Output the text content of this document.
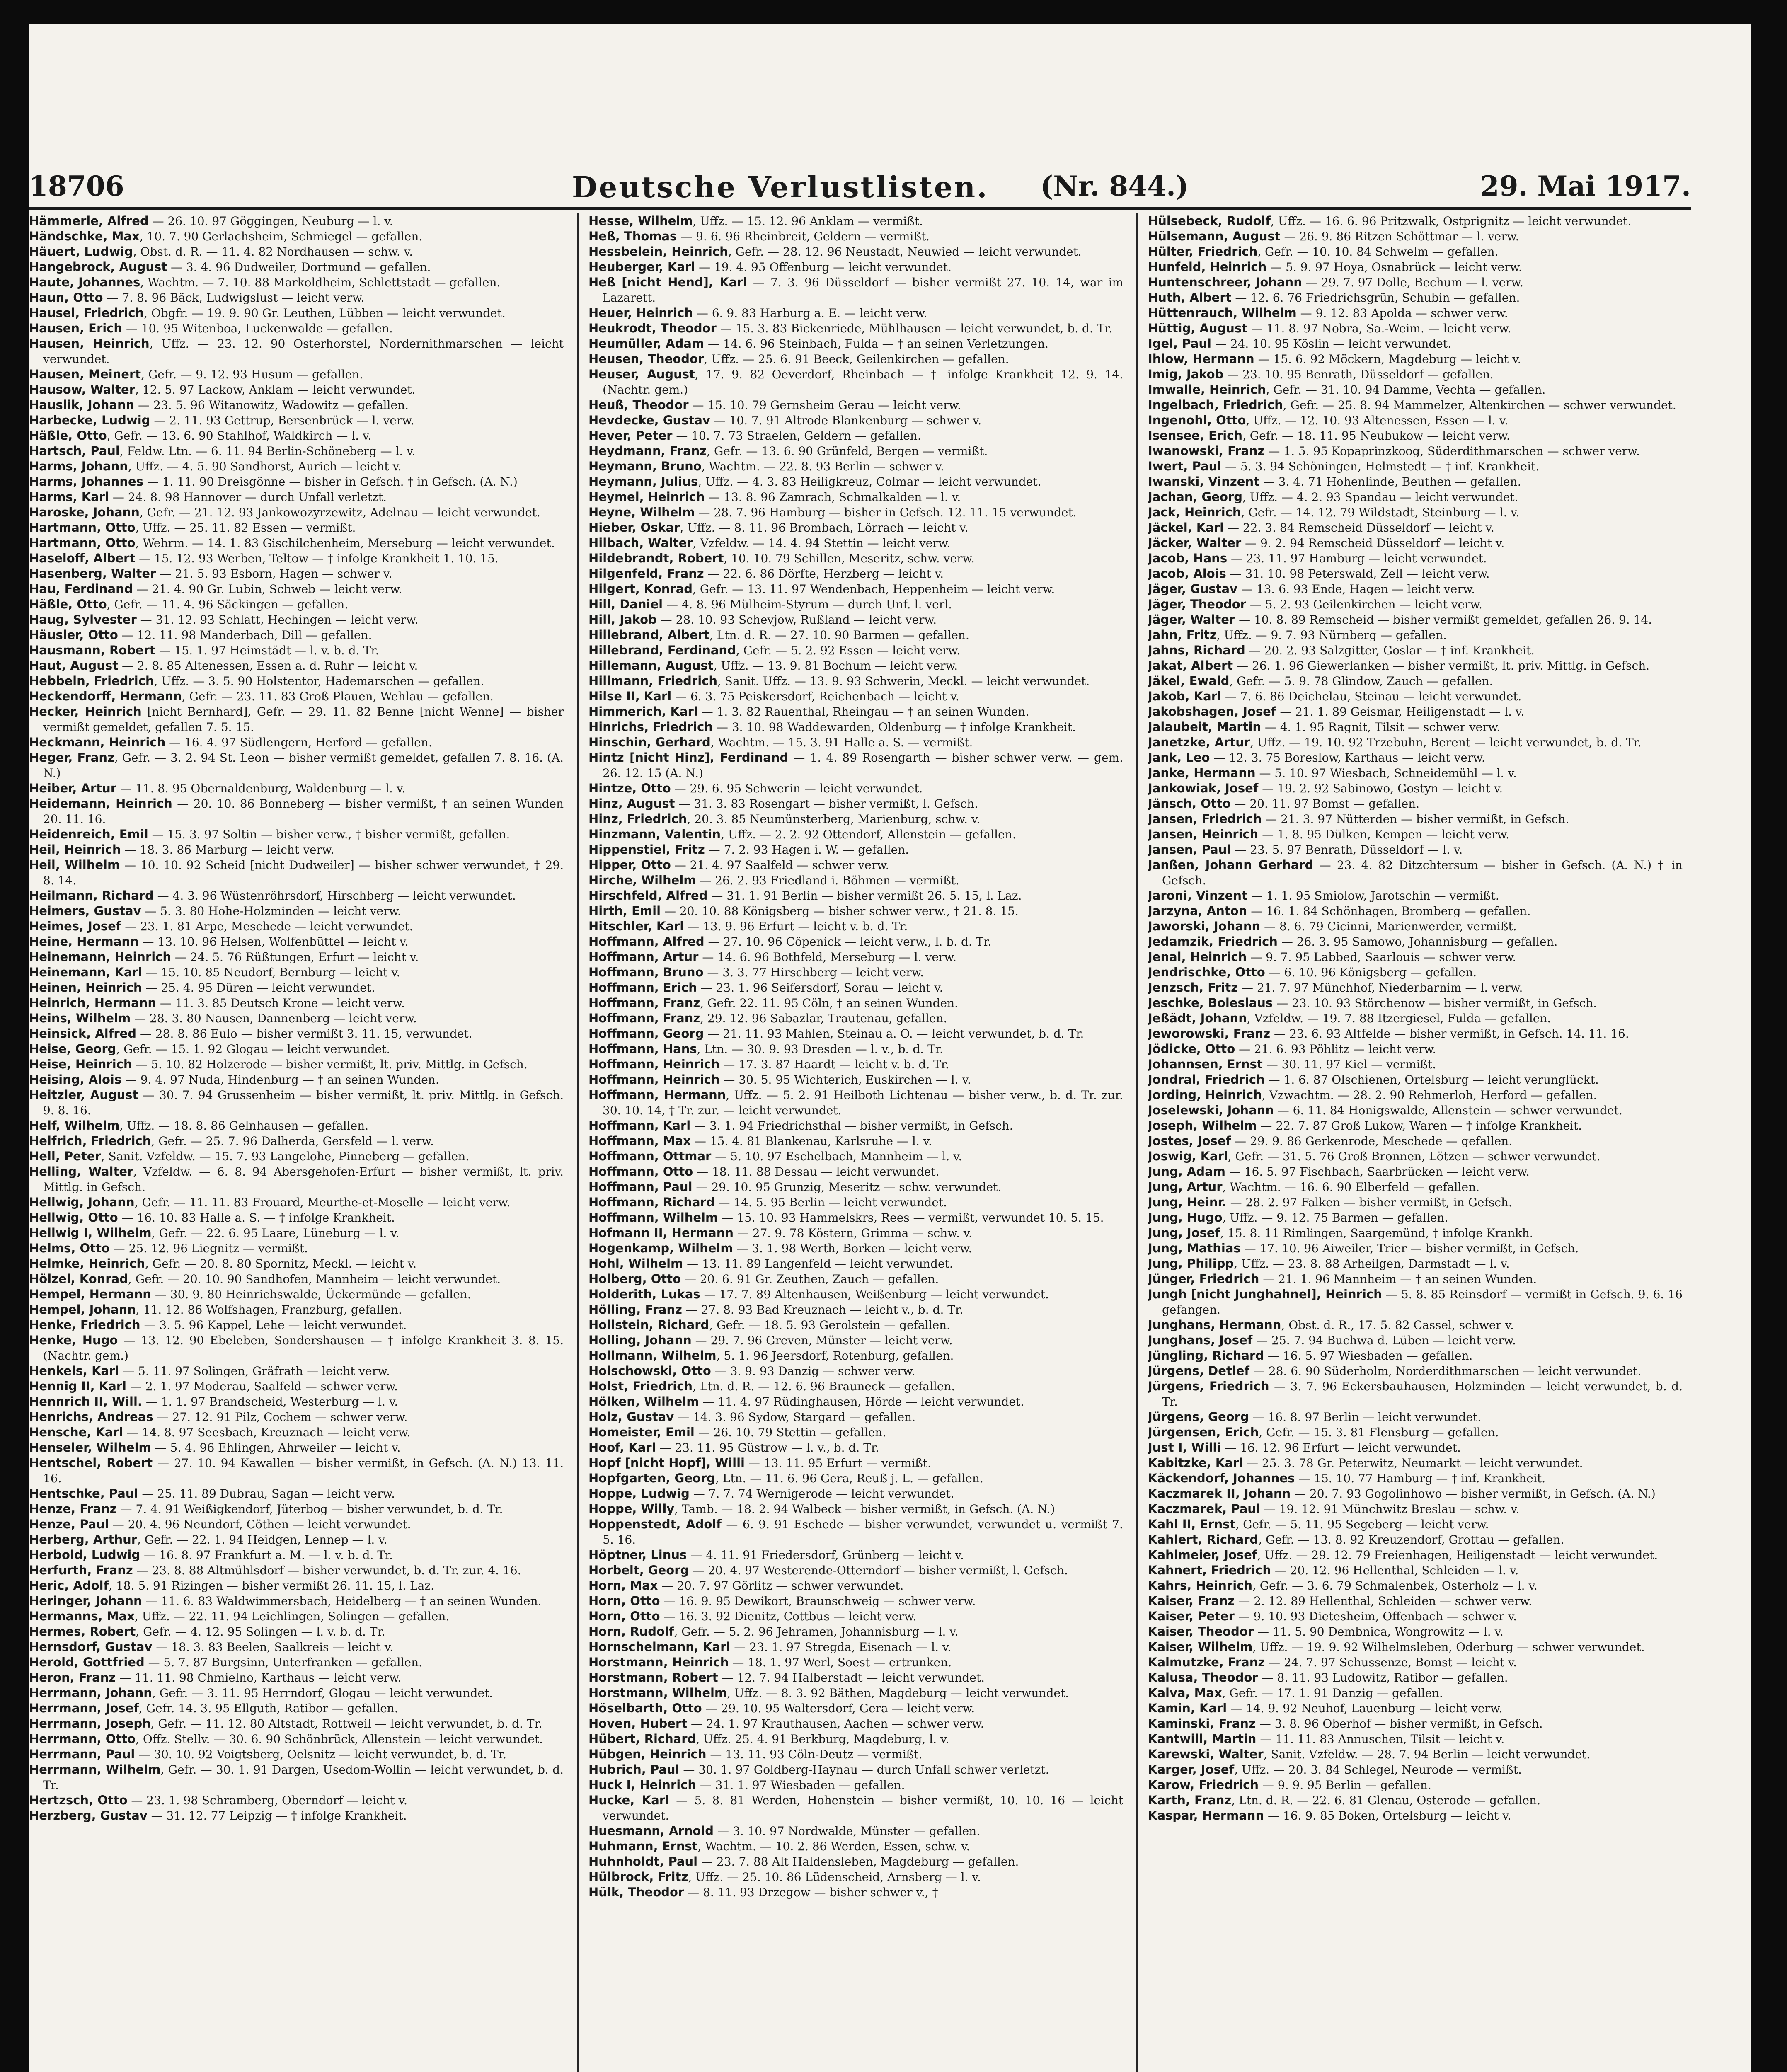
18706	Deutsche Verlustlisten. (Nr. 844.)	29. Mai 1917.

Hämmerle, Alfred — 26. 10. 97 Göggingen, Neuburg — l. v.

Händschke, Max, 10. 7. 90 Gerlachsheim, Schmiegel — gefallen.

Häuert, Ludwig, Obst. d. R. — 11. 4. 82 Nordhausen — schw. v.

Hangebrock, August — 3. 4. 96 Dudweiler, Dortmund — gefallen.

Haute, Johannes, Wachtm. — 7. 10. 88 Markoldheim, Schlettstadt — gefallen.

Haun, Otto — 7. 8. 96 Bäck, Ludwigslust — leicht verw.

Hausel, Friedrich, Obgfr. — 19. 9. 90 Gr. Leuthen, Lübben — leicht verwundet.

Hausen, Erich — 10. 95 Witenboa, Luckenwalde — gefallen.

Hausen, Heinrich, Uffz. — 23. 12. 90 Osterhorstel, Nordernithmarschen — leicht verwundet.

Hausen, Meinert, Gefr. — 9. 12. 93 Husum — gefallen.

Hausow, Walter, 12. 5. 97 Lackow, Anklam — leicht verwundet.

Hauslik, Johann — 23. 5. 96 Witanowitz, Wadowitz — gefallen.

Harbecke, Ludwig — 2. 11. 93 Gettrup, Bersenbrück — l. verw.

Häßle, Otto, Gefr. — 13. 6. 90 Stahlhof, Waldkirch — l. v.

Hartsch, Paul, Feldw. Ltn. — 6. 11. 94 Berlin-Schöneberg — l. v.

Harms, Johann, Uffz. — 4. 5. 90 Sandhorst, Aurich — leicht v.

Harms, Johannes — 1. 11. 90 Dreisgönne — bisher in Gefsch. † in Gefsch. (A. N.)

Harms, Karl — 24. 8. 98 Hannover — durch Unfall verletzt.

Haroske, Johann, Gefr. — 21. 12. 93 Jankowozyrzewitz, Adelnau — leicht verwundet.

Hartmann, Otto, Uffz. — 25. 11. 82 Essen — vermißt.

Hartmann, Otto, Wehrm. — 14. 1. 83 Gischilchenheim, Merseburg — leicht verwundet.

Haseloff, Albert — 15. 12. 93 Werben, Teltow — † infolge Krankheit 1. 10. 15.

Hasenberg, Walter — 21. 5. 93 Esborn, Hagen — schwer v.

Hau, Ferdinand — 21. 4. 90 Gr. Lubin, Schweb — leicht verw.

Häßle, Otto, Gefr. — 11. 4. 96 Säckingen — gefallen.

Haug, Sylvester — 31. 12. 93 Schlatt, Hechingen — leicht verw.

Häusler, Otto — 12. 11. 98 Manderbach, Dill — gefallen.

Hausmann, Robert — 15. 1. 97 Heimstädt — l. v. b. d. Tr.

Haut, August — 2. 8. 85 Altenessen, Essen a. d. Ruhr — leicht v.

Hebbeln, Friedrich, Uffz. — 3. 5. 90 Holstentor, Hademarschen — gefallen.

Heckendorff, Hermann, Gefr. — 23. 11. 83 Groß Plauen, Wehlau — gefallen.

Hecker, Heinrich [nicht Bernhard], Gefr. — 29. 11. 82 Benne [nicht Wenne] — bisher vermißt gemeldet, gefallen 7. 5. 15.

Heckmann, Heinrich — 16. 4. 97 Südlengern, Herford — gefallen.

Heger, Franz, Gefr. — 3. 2. 94 St. Leon — bisher vermißt gemeldet, gefallen 7. 8. 16. (A. N.)

Heiber, Artur — 11. 8. 95 Obernaldenburg, Waldenburg — l. v.

Heidemann, Heinrich — 20. 10. 86 Bonneberg — bisher vermißt, † an seinen Wunden 20. 11. 16.

Heidenreich, Emil — 15. 3. 97 Soltin — bisher verw., † bisher vermißt, gefallen.

Heil, Heinrich — 18. 3. 86 Marburg — leicht verw.

Heil, Wilhelm — 10. 10. 92 Scheid [nicht Dudweiler] — bisher schwer verwundet, † 29. 8. 14.

Heilmann, Richard — 4. 3. 96 Wüstenröhrsdorf, Hirschberg — leicht verwundet.

Heimers, Gustav — 5. 3. 80 Hohe-Holzminden — leicht verw.

Heimes, Josef — 23. 1. 81 Arpe, Meschede — leicht verwundet.

Heine, Hermann — 13. 10. 96 Helsen, Wolfenbüttel — leicht v.

Heinemann, Heinrich — 24. 5. 76 Rüßtungen, Erfurt — leicht v.

Heinemann, Karl — 15. 10. 85 Neudorf, Bernburg — leicht v.

Heinen, Heinrich — 25. 4. 95 Düren — leicht verwundet.

Heinrich, Hermann — 11. 3. 85 Deutsch Krone — leicht verw.

Heins, Wilhelm — 28. 3. 80 Nausen, Dannenberg — leicht verw.

Heinsick, Alfred — 28. 8. 86 Eulo — bisher vermißt 3. 11. 15, verwundet.

Heise, Georg, Gefr. — 15. 1. 92 Glogau — leicht verwundet.

Heise, Heinrich — 5. 10. 82 Holzerode — bisher vermißt, lt. priv. Mittlg. in Gefsch.

Heising, Alois — 9. 4. 97 Nuda, Hindenburg — † an seinen Wunden.

Heitzler, August — 30. 7. 94 Grussenheim — bisher vermißt, lt. priv. Mittlg. in Gefsch. 9. 8. 16.

Helf, Wilhelm, Uffz. — 18. 8. 86 Gelnhausen — gefallen.

Helfrich, Friedrich, Gefr. — 25. 7. 96 Dalherda, Gersfeld — l. verw.

Hell, Peter, Sanit. Vzfeldw. — 15. 7. 93 Langelohe, Pinneberg — gefallen.

Helling, Walter, Vzfeldw. — 6. 8. 94 Abersgehofen-Erfurt — bisher vermißt, lt. priv. Mittlg. in Gefsch.

Hellwig, Johann, Gefr. — 11. 11. 83 Frouard, Meurthe-et-Moselle — leicht verw.

Hellwig, Otto — 16. 10. 83 Halle a. S. — † infolge Krankheit.

Hellwig I, Wilhelm, Gefr. — 22. 6. 95 Laare, Lüneburg — l. v.

Helms, Otto — 25. 12. 96 Liegnitz — vermißt.

Helmke, Heinrich, Gefr. — 20. 8. 80 Spornitz, Meckl. — leicht v.

Hölzel, Konrad, Gefr. — 20. 10. 90 Sandhofen, Mannheim — leicht verwundet.

Hempel, Hermann — 30. 9. 80 Heinrichswalde, Ückermünde — gefallen.

Hempel, Johann, 11. 12. 86 Wolfshagen, Franzburg, gefallen.

Henke, Friedrich — 3. 5. 96 Kappel, Lehe — leicht verwundet.

Henke, Hugo — 13. 12. 90 Ebeleben, Sondershausen — † infolge Krankheit 3. 8. 15. (Nachtr. gem.)

Henkels, Karl — 5. 11. 97 Solingen, Gräfrath — leicht verw.

Hennig II, Karl — 2. 1. 97 Moderau, Saalfeld — schwer verw.

Hennrich II, Will. — 1. 1. 97 Brandscheid, Westerburg — l. v.

Henrichs, Andreas — 27. 12. 91 Pilz, Cochem — schwer verw.

Hensche, Karl — 14. 8. 97 Seesbach, Kreuznach — leicht verw.

Henseler, Wilhelm — 5. 4. 96 Ehlingen, Ahrweiler — leicht v.

Hentschel, Robert — 27. 10. 94 Kawallen — bisher vermißt, in Gefsch. (A. N.) 13. 11. 16.

Hentschke, Paul — 25. 11. 89 Dubrau, Sagan — leicht verw.

Henze, Franz — 7. 4. 91 Weißigkendorf, Jüterbog — bisher verwundet, b. d. Tr.

Henze, Paul — 20. 4. 96 Neundorf, Cöthen — leicht verwundet.

Herberg, Arthur, Gefr. — 22. 1. 94 Heidgen, Lennep — l. v.

Herbold, Ludwig — 16. 8. 97 Frankfurt a. M. — l. v. b. d. Tr.

Herfurth, Franz — 23. 8. 88 Altmühlsdorf — bisher verwundet, b. d. Tr. zur. 4. 16.

Heric, Adolf, 18. 5. 91 Rizingen — bisher vermißt 26. 11. 15, l. Laz.

Heringer, Johann — 11. 6. 83 Waldwimmersbach, Heidelberg — † an seinen Wunden.

Hermanns, Max, Uffz. — 22. 11. 94 Leichlingen, Solingen — gefallen.

Hermes, Robert, Gefr. — 4. 12. 95 Solingen — l. v. b. d. Tr.

Hernsdorf, Gustav — 18. 3. 83 Beelen, Saalkreis — leicht v.

Herold, Gottfried — 5. 7. 87 Burgsinn, Unterfranken — gefallen.

Heron, Franz — 11. 11. 98 Chmielno, Karthaus — leicht verw.

Herrmann, Johann, Gefr. — 3. 11. 95 Herrndorf, Glogau — leicht verwundet.

Herrmann, Josef, Gefr. 14. 3. 95 Ellguth, Ratibor — gefallen.

Herrmann, Joseph, Gefr. — 11. 12. 80 Altstadt, Rottweil — leicht verwundet, b. d. Tr.

Herrmann, Otto, Offz. Stellv. — 30. 6. 90 Schönbrück, Allenstein — leicht verwundet.

Herrmann, Paul — 30. 10. 92 Voigtsberg, Oelsnitz — leicht verwundet, b. d. Tr.

Herrmann, Wilhelm, Gefr. — 30. 1. 91 Dargen, Usedom-Wollin — leicht verwundet, b. d. Tr.

Hertzsch, Otto — 23. 1. 98 Schramberg, Oberndorf — leicht v.

Herzberg, Gustav — 31. 12. 77 Leipzig — † infolge Krankheit.

Hesse, Wilhelm, Uffz. — 15. 12. 96 Anklam — vermißt.

Heß, Thomas — 9. 6. 96 Rheinbreit, Geldern — vermißt.

Hessbelein, Heinrich, Gefr. — 28. 12. 96 Neustadt, Neuwied — leicht verwundet.

Heuberger, Karl — 19. 4. 95 Offenburg — leicht verwundet.

Heß [nicht Hend], Karl — 7. 3. 96 Düsseldorf — bisher vermißt 27. 10. 14, war im Lazarett.

Heuer, Heinrich — 6. 9. 83 Harburg a. E. — leicht verw.

Heukrodt, Theodor — 15. 3. 83 Bickenriede, Mühlhausen — leicht verwundet, b. d. Tr.

Heumüller, Adam — 14. 6. 96 Steinbach, Fulda — † an seinen Verletzungen.

Heusen, Theodor, Uffz. — 25. 6. 91 Beeck, Geilenkirchen — gefallen.

Heuser, August, 17. 9. 82 Oeverdorf, Rheinbach — † infolge Krankheit 12. 9. 14. (Nachtr. gem.)

Heuß, Theodor — 15. 10. 79 Gernsheim Gerau — leicht verw.

Hevdecke, Gustav — 10. 7. 91 Altrode Blankenburg — schwer v.

Hever, Peter — 10. 7. 73 Straelen, Geldern — gefallen.

Heydmann, Franz, Gefr. — 13. 6. 90 Grünfeld, Bergen — vermißt.

Heymann, Bruno, Wachtm. — 22. 8. 93 Berlin — schwer v.

Heymann, Julius, Uffz. — 4. 3. 83 Heiligkreuz, Colmar — leicht verwundet.

Heymel, Heinrich — 13. 8. 96 Zamrach, Schmalkalden — l. v.

Heyne, Wilhelm — 28. 7. 96 Hamburg — bisher in Gefsch. 12. 11. 15 verwundet.

Hieber, Oskar, Uffz. — 8. 11. 96 Brombach, Lörrach — leicht v.

Hilbach, Walter, Vzfeldw. — 14. 4. 94 Stettin — leicht verw.

Hildebrandt, Robert, 10. 10. 79 Schillen, Meseritz, schw. verw.

Hilgenfeld, Franz — 22. 6. 86 Dörfte, Herzberg — leicht v.

Hilgert, Konrad, Gefr. — 13. 11. 97 Wendenbach, Heppenheim — leicht verw.

Hill, Daniel — 4. 8. 96 Mülheim-Styrum — durch Unf. l. verl.

Hill, Jakob — 28. 10. 93 Schevjow, Rußland — leicht verw.

Hillebrand, Albert, Ltn. d. R. — 27. 10. 90 Barmen — gefallen.

Hillebrand, Ferdinand, Gefr. — 5. 2. 92 Essen — leicht verw.

Hillemann, August, Uffz. — 13. 9. 81 Bochum — leicht verw.

Hillmann, Friedrich, Sanit. Uffz. — 13. 9. 93 Schwerin, Meckl. — leicht verwundet.

Hilse II, Karl — 6. 3. 75 Peiskersdorf, Reichenbach — leicht v.

Himmerich, Karl — 1. 3. 82 Rauenthal, Rheingau — † an seinen Wunden.

Hinrichs, Friedrich — 3. 10. 98 Waddewarden, Oldenburg — † infolge Krankheit.

Hinschin, Gerhard, Wachtm. — 15. 3. 91 Halle a. S. — vermißt.

Hintz [nicht Hinz], Ferdinand — 1. 4. 89 Rosengarth — bisher schwer verw. — gem. 26. 12. 15 (A. N.)

Hintze, Otto — 29. 6. 95 Schwerin — leicht verwundet.

Hinz, August — 31. 3. 83 Rosengart — bisher vermißt, l. Gefsch.

Hinz, Friedrich, 20. 3. 85 Neumünsterberg, Marienburg, schw. v.

Hinzmann, Valentin, Uffz. — 2. 2. 92 Ottendorf, Allenstein — gefallen.

Hippenstiel, Fritz — 7. 2. 93 Hagen i. W. — gefallen.

Hipper, Otto — 21. 4. 97 Saalfeld — schwer verw.

Hirche, Wilhelm — 26. 2. 93 Friedland i. Böhmen — vermißt.

Hirschfeld, Alfred — 31. 1. 91 Berlin — bisher vermißt 26. 5. 15, l. Laz.

Hirth, Emil — 20. 10. 88 Königsberg — bisher schwer verw., † 21. 8. 15.

Hitschler, Karl — 13. 9. 96 Erfurt — leicht v. b. d. Tr.

Hoffmann, Alfred — 27. 10. 96 Cöpenick — leicht verw., l. b. d. Tr.

Hoffmann, Artur — 14. 6. 96 Bothfeld, Merseburg — l. verw.

Hoffmann, Bruno — 3. 3. 77 Hirschberg — leicht verw.

Hoffmann, Erich — 23. 1. 96 Seifersdorf, Sorau — leicht v.

Hoffmann, Franz, Gefr. 22. 11. 95 Cöln, † an seinen Wunden.

Hoffmann, Franz, 29. 12. 96 Sabazlar, Trautenau, gefallen.

Hoffmann, Georg — 21. 11. 93 Mahlen, Steinau a. O. — leicht verwundet, b. d. Tr.

Hoffmann, Hans, Ltn. — 30. 9. 93 Dresden — l. v., b. d. Tr.

Hoffmann, Heinrich — 17. 3. 87 Haardt — leicht v. b. d. Tr.

Hoffmann, Heinrich — 30. 5. 95 Wichterich, Euskirchen — l. v.

Hoffmann, Hermann, Uffz. — 5. 2. 91 Heilboth Lichtenau — bisher verw., b. d. Tr. zur. 30. 10. 14, † Tr. zur. — leicht verwundet.

Hoffmann, Karl — 3. 1. 94 Friedrichsthal — bisher vermißt, in Gefsch.

Hoffmann, Max — 15. 4. 81 Blankenau, Karlsruhe — l. v.

Hoffmann, Ottmar — 5. 10. 97 Eschelbach, Mannheim — l. v.

Hoffmann, Otto — 18. 11. 88 Dessau — leicht verwundet.

Hoffmann, Paul — 29. 10. 95 Grunzig, Meseritz — schw. verwundet.

Hoffmann, Richard — 14. 5. 95 Berlin — leicht verwundet.

Hoffmann, Wilhelm — 15. 10. 93 Hammelskrs, Rees — vermißt, verwundet 10. 5. 15.

Hofmann II, Hermann — 27. 9. 78 Köstern, Grimma — schw. v.

Hogenkamp, Wilhelm — 3. 1. 98 Werth, Borken — leicht verw.

Hohl, Wilhelm — 13. 11. 89 Langenfeld — leicht verwundet.

Holberg, Otto — 20. 6. 91 Gr. Zeuthen, Zauch — gefallen.

Holderith, Lukas — 17. 7. 89 Altenhausen, Weißenburg — leicht verwundet.

Hölling, Franz — 27. 8. 93 Bad Kreuznach — leicht v., b. d. Tr.

Hollstein, Richard, Gefr. — 18. 5. 93 Gerolstein — gefallen.

Holling, Johann — 29. 7. 96 Greven, Münster — leicht verw.

Hollmann, Wilhelm, 5. 1. 96 Jeersdorf, Rotenburg, gefallen.

Holschowski, Otto — 3. 9. 93 Danzig — schwer verw.

Holst, Friedrich, Ltn. d. R. — 12. 6. 96 Brauneck — gefallen.

Hölken, Wilhelm — 11. 4. 97 Rüdinghausen, Hörde — leicht verwundet.

Holz, Gustav — 14. 3. 96 Sydow, Stargard — gefallen.

Homeister, Emil — 26. 10. 79 Stettin — gefallen.

Hoof, Karl — 23. 11. 95 Güstrow — l. v., b. d. Tr.

Hopf [nicht Hopf], Willi — 13. 11. 95 Erfurt — vermißt.

Hopfgarten, Georg, Ltn. — 11. 6. 96 Gera, Reuß j. L. — gefallen.

Hoppe, Ludwig — 7. 7. 74 Wernigerode — leicht verwundet.

Hoppe, Willy, Tamb. — 18. 2. 94 Walbeck — bisher vermißt, in Gefsch. (A. N.)

Hoppenstedt, Adolf — 6. 9. 91 Eschede — bisher verwundet, verwundet u. vermißt 7. 5. 16.

Höptner, Linus — 4. 11. 91 Friedersdorf, Grünberg — leicht v.

Horbelt, Georg — 20. 4. 97 Westerende-Otterndorf — bisher vermißt, l. Gefsch.

Horn, Max — 20. 7. 97 Görlitz — schwer verwundet.

Horn, Otto — 16. 9. 95 Dewikort, Braunschweig — schwer verw.

Horn, Otto — 16. 3. 92 Dienitz, Cottbus — leicht verw.

Horn, Rudolf, Gefr. — 5. 2. 96 Jehramen, Johannisburg — l. v.

Hornschelmann, Karl — 23. 1. 97 Stregda, Eisenach — l. v.

Horstmann, Heinrich — 18. 1. 97 Werl, Soest — ertrunken.

Horstmann, Robert — 12. 7. 94 Halberstadt — leicht verwundet.

Horstmann, Wilhelm, Uffz. — 8. 3. 92 Bäthen, Magdeburg — leicht verwundet.

Höselbarth, Otto — 29. 10. 95 Waltersdorf, Gera — leicht verw.

Hoven, Hubert — 24. 1. 97 Krauthausen, Aachen — schwer verw.

Hübert, Richard, Uffz. 25. 4. 91 Berkburg, Magdeburg, l. v.

Hübgen, Heinrich — 13. 11. 93 Cöln-Deutz — vermißt.

Hubrich, Paul — 30. 1. 97 Goldberg-Haynau — durch Unfall schwer verletzt.

Huck I, Heinrich — 31. 1. 97 Wiesbaden — gefallen.

Hucke, Karl — 5. 8. 81 Werden, Hohenstein — bisher vermißt, 10. 10. 16 — leicht verwundet.

Huesmann, Arnold — 3. 10. 97 Nordwalde, Münster — gefallen.

Huhmann, Ernst, Wachtm. — 10. 2. 86 Werden, Essen, schw. v.

Huhnholdt, Paul — 23. 7. 88 Alt Haldensleben, Magdeburg — gefallen.

Hülbrock, Fritz, Uffz. — 25. 10. 86 Lüdenscheid, Arnsberg — l. v.

Hülk, Theodor — 8. 11. 93 Drzegow — bisher schwer v., †

Hülsebeck, Rudolf, Uffz. — 16. 6. 96 Pritzwalk, Ostprignitz — leicht verwundet.

Hülsemann, August — 26. 9. 86 Ritzen Schöttmar — l. verw.

Hülter, Friedrich, Gefr. — 10. 10. 84 Schwelm — gefallen.

Hunfeld, Heinrich — 5. 9. 97 Hoya, Osnabrück — leicht verw.

Huntenschreer, Johann — 29. 7. 97 Dolle, Bechum — l. verw.

Huth, Albert — 12. 6. 76 Friedrichsgrün, Schubin — gefallen.

Hüttenrauch, Wilhelm — 9. 12. 83 Apolda — schwer verw.

Hüttig, August — 11. 8. 97 Nobra, Sa.-Weim. — leicht verw.

Igel, Paul — 24. 10. 95 Köslin — leicht verwundet.

Ihlow, Hermann — 15. 6. 92 Möckern, Magdeburg — leicht v.

Imig, Jakob — 23. 10. 95 Benrath, Düsseldorf — gefallen.

Imwalle, Heinrich, Gefr. — 31. 10. 94 Damme, Vechta — gefallen.

Ingelbach, Friedrich, Gefr. — 25. 8. 94 Mammelzer, Altenkirchen — schwer verwundet.

Ingenohl, Otto, Uffz. — 12. 10. 93 Altenessen, Essen — l. v.

Isensee, Erich, Gefr. — 18. 11. 95 Neubukow — leicht verw.

Iwanowski, Franz — 1. 5. 95 Kopaprinzkoog, Süderdithmarschen — schwer verw.

Iwert, Paul — 5. 3. 94 Schöningen, Helmstedt — † inf. Krankheit.

Iwanski, Vinzent — 3. 4. 71 Hohenlinde, Beuthen — gefallen.

Jachan, Georg, Uffz. — 4. 2. 93 Spandau — leicht verwundet.

Jack, Heinrich, Gefr. — 14. 12. 79 Wildstadt, Steinburg — l. v.

Jäckel, Karl — 22. 3. 84 Remscheid Düsseldorf — leicht v.

Jäcker, Walter — 9. 2. 94 Remscheid Düsseldorf — leicht v.

Jacob, Hans — 23. 11. 97 Hamburg — leicht verwundet.

Jacob, Alois — 31. 10. 98 Peterswald, Zell — leicht verw.

Jäger, Gustav — 13. 6. 93 Ende, Hagen — leicht verw.

Jäger, Theodor — 5. 2. 93 Geilenkirchen — leicht verw.

Jäger, Walter — 10. 8. 89 Remscheid — bisher vermißt gemeldet, gefallen 26. 9. 14.

Jahn, Fritz, Uffz. — 9. 7. 93 Nürnberg — gefallen.

Jahns, Richard — 20. 2. 93 Salzgitter, Goslar — † inf. Krankheit.

Jakat, Albert — 26. 1. 96 Giewerlanken — bisher vermißt, lt. priv. Mittlg. in Gefsch.

Jäkel, Ewald, Gefr. — 5. 9. 78 Glindow, Zauch — gefallen.

Jakob, Karl — 7. 6. 86 Deichelau, Steinau — leicht verwundet.

Jakobshagen, Josef — 21. 1. 89 Geismar, Heiligenstadt — l. v.

Jalaubeit, Martin — 4. 1. 95 Ragnit, Tilsit — schwer verw.

Janetzke, Artur, Uffz. — 19. 10. 92 Trzebuhn, Berent — leicht verwundet, b. d. Tr.

Jank, Leo — 12. 3. 75 Boreslow, Karthaus — leicht verw.

Janke, Hermann — 5. 10. 97 Wiesbach, Schneidemühl — l. v.

Jankowiak, Josef — 19. 2. 92 Sabinowo, Gostyn — leicht v.

Jänsch, Otto — 20. 11. 97 Bomst — gefallen.

Jansen, Friedrich — 21. 3. 97 Nütterden — bisher vermißt, in Gefsch.

Jansen, Heinrich — 1. 8. 95 Dülken, Kempen — leicht verw.

Jansen, Paul — 23. 5. 97 Benrath, Düsseldorf — l. v.

Janßen, Johann Gerhard — 23. 4. 82 Ditzchtersum — bisher in Gefsch. (A. N.) † in Gefsch.

Jaroni, Vinzent — 1. 1. 95 Smiolow, Jarotschin — vermißt.

Jarzyna, Anton — 16. 1. 84 Schönhagen, Bromberg — gefallen.

Jaworski, Johann — 8. 6. 79 Cicinni, Marienwerder, vermißt.

Jedamzik, Friedrich — 26. 3. 95 Samowo, Johannisburg — gefallen.

Jenal, Heinrich — 9. 7. 95 Labbed, Saarlouis — schwer verw.

Jendrischke, Otto — 6. 10. 96 Königsberg — gefallen.

Jenzsch, Fritz — 21. 7. 97 Münchhof, Niederbarnim — l. verw.

Jeschke, Boleslaus — 23. 10. 93 Störchenow — bisher vermißt, in Gefsch.

Jeßädt, Johann, Vzfeldw. — 19. 7. 88 Itzergiesel, Fulda — gefallen.

Jeworowski, Franz — 23. 6. 93 Altfelde — bisher vermißt, in Gefsch. 14. 11. 16.

Jödicke, Otto — 21. 6. 93 Pöhlitz — leicht verw.

Johannsen, Ernst — 30. 11. 97 Kiel — vermißt.

Jondral, Friedrich — 1. 6. 87 Olschienen, Ortelsburg — leicht verunglückt.

Jording, Heinrich, Vzwachtm. — 28. 2. 90 Rehmerloh, Herford — gefallen.

Joselewski, Johann — 6. 11. 84 Honigswalde, Allenstein — schwer verwundet.

Joseph, Wilhelm — 22. 7. 87 Groß Lukow, Waren — † infolge Krankheit.

Jostes, Josef — 29. 9. 86 Gerkenrode, Meschede — gefallen.

Joswig, Karl, Gefr. — 31. 5. 76 Groß Bronnen, Lötzen — schwer verwundet.

Jung, Adam — 16. 5. 97 Fischbach, Saarbrücken — leicht verw.

Jung, Artur, Wachtm. — 16. 6. 90 Elberfeld — gefallen.

Jung, Heinr. — 28. 2. 97 Falken — bisher vermißt, in Gefsch.

Jung, Hugo, Uffz. — 9. 12. 75 Barmen — gefallen.

Jung, Josef, 15. 8. 11 Rimlingen, Saargemünd, † infolge Krankh.

Jung, Mathias — 17. 10. 96 Aiweiler, Trier — bisher vermißt, in Gefsch.

Jung, Philipp, Uffz. — 23. 8. 88 Arheilgen, Darmstadt — l. v.

Jünger, Friedrich — 21. 1. 96 Mannheim — † an seinen Wunden.

Jungh [nicht Junghahnel], Heinrich — 5. 8. 85 Reinsdorf — vermißt in Gefsch. 9. 6. 16 gefangen.

Junghans, Hermann, Obst. d. R., 17. 5. 82 Cassel, schwer v.

Junghans, Josef — 25. 7. 94 Buchwa d. Lüben — leicht verw.

Jüngling, Richard — 16. 5. 97 Wiesbaden — gefallen.

Jürgens, Detlef — 28. 6. 90 Süderholm, Norderdithmarschen — leicht verwundet.

Jürgens, Friedrich — 3. 7. 96 Eckersbauhausen, Holzminden — leicht verwundet, b. d. Tr.

Jürgens, Georg — 16. 8. 97 Berlin — leicht verwundet.

Jürgensen, Erich, Gefr. — 15. 3. 81 Flensburg — gefallen.

Just I, Willi — 16. 12. 96 Erfurt — leicht verwundet.

Kabitzke, Karl — 25. 3. 78 Gr. Peterwitz, Neumarkt — leicht verwundet.

Käckendorf, Johannes — 15. 10. 77 Hamburg — † inf. Krankheit.

Kaczmarek II, Johann — 20. 7. 93 Gogolinhowo — bisher vermißt, in Gefsch. (A. N.)

Kaczmarek, Paul — 19. 12. 91 Münchwitz Breslau — schw. v.

Kahl II, Ernst, Gefr. — 5. 11. 95 Segeberg — leicht verw.

Kahlert, Richard, Gefr. — 13. 8. 92 Kreuzendorf, Grottau — gefallen.

Kahlmeier, Josef, Uffz. — 29. 12. 79 Freienhagen, Heiligenstadt — leicht verwundet.

Kahnert, Friedrich — 20. 12. 96 Hellenthal, Schleiden — l. v.

Kahrs, Heinrich, Gefr. — 3. 6. 79 Schmalenbek, Osterholz — l. v.

Kaiser, Franz — 2. 12. 89 Hellenthal, Schleiden — schwer verw.

Kaiser, Peter — 9. 10. 93 Dietesheim, Offenbach — schwer v.

Kaiser, Theodor — 11. 5. 90 Dembnica, Wongrowitz — l. v.

Kaiser, Wilhelm, Uffz. — 19. 9. 92 Wilhelmsleben, Oderburg — schwer verwundet.

Kalmutzke, Franz — 24. 7. 97 Schussenze, Bomst — leicht v.

Kalusa, Theodor — 8. 11. 93 Ludowitz, Ratibor — gefallen.

Kalva, Max, Gefr. — 17. 1. 91 Danzig — gefallen.

Kamin, Karl — 14. 9. 92 Neuhof, Lauenburg — leicht verw.

Kaminski, Franz — 3. 8. 96 Oberhof — bisher vermißt, in Gefsch.

Kantwill, Martin — 11. 11. 83 Annuschen, Tilsit — leicht v.

Karewski, Walter, Sanit. Vzfeldw. — 28. 7. 94 Berlin — leicht verwundet.

Karger, Josef, Uffz. — 20. 3. 84 Schlegel, Neurode — vermißt.

Karow, Friedrich — 9. 9. 95 Berlin — gefallen.

Karth, Franz, Ltn. d. R. — 22. 6. 81 Glenau, Osterode — gefallen.

Kaspar, Hermann — 16. 9. 85 Boken, Ortelsburg — leicht v.
